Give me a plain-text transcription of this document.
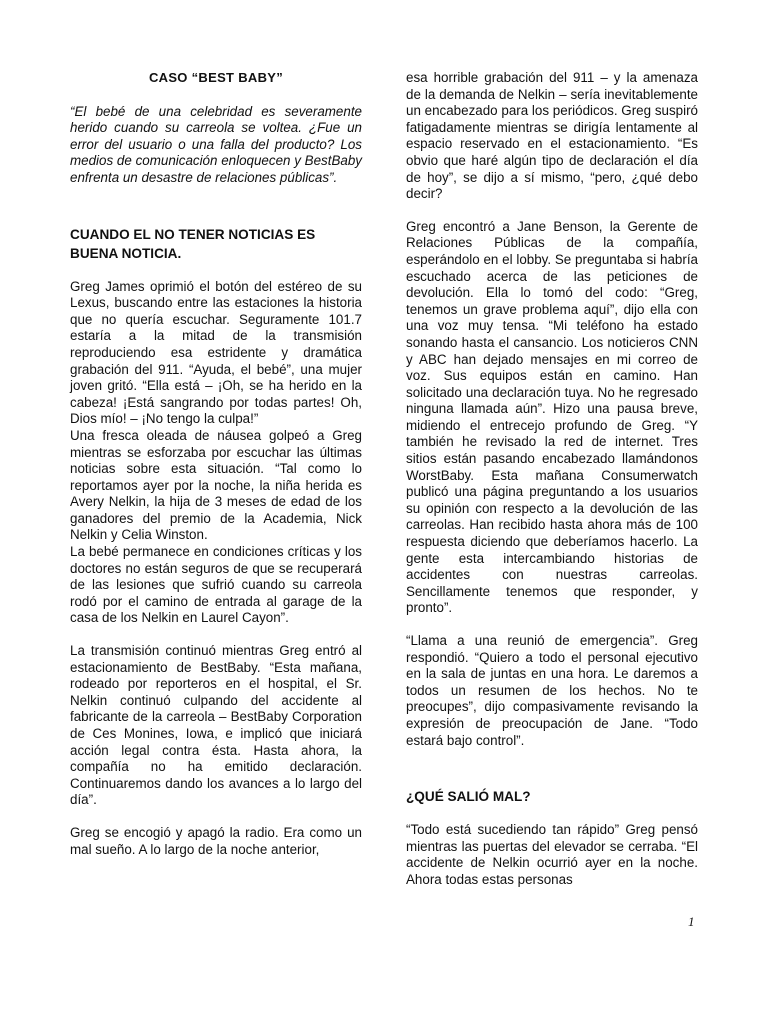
CASO “BEST BABY”

“El bebé de una celebridad es severamente herido cuando su carreola se voltea. ¿Fue un error del usuario o una falla del producto? Los medios de comunicación enloquecen y BestBaby enfrenta un desastre de relaciones públicas”.

CUANDO EL NO TENER NOTICIAS ES BUENA NOTICIA.

Greg James oprimió el botón del estéreo de su Lexus, buscando entre las estaciones la historia que no quería escuchar. Seguramente 101.7 estaría a la mitad de la transmisión reproduciendo esa estridente y dramática grabación del 911. “Ayuda, el bebé”, una mujer joven gritó. “Ella está – ¡Oh, se ha herido en la cabeza! ¡Está sangrando por todas partes! Oh, Dios mío! – ¡No tengo la culpa!”

Una fresca oleada de náusea golpeó a Greg mientras se esforzaba por escuchar las últimas noticias sobre esta situación. “Tal como lo reportamos ayer por la noche, la niña herida es Avery Nelkin, la hija de 3 meses de edad de los ganadores del premio de la Academia, Nick Nelkin y Celia Winston.

La bebé permanece en condiciones críticas y los doctores no están seguros de que se recuperará de las lesiones que sufrió cuando su carreola rodó por el camino de entrada al garage de la casa de los Nelkin en Laurel Cayon”.

La transmisión continuó mientras Greg entró al estacionamiento de BestBaby. “Esta mañana, rodeado por reporteros en el hospital, el Sr. Nelkin continuó culpando del accidente al fabricante de la carreola – BestBaby Corporation de Ces Monines, Iowa, e implicó que iniciará acción legal contra ésta. Hasta ahora, la compañía no ha emitido declaración. Continuaremos dando los avances a lo largo del día”.

Greg se encogió y apagó la radio. Era como un mal sueño. A lo largo de la noche anterior,

esa horrible grabación del 911 – y la amenaza de la demanda de Nelkin – sería inevitablemente un encabezado para los periódicos. Greg suspiró fatigadamente mientras se dirigía lentamente al espacio reservado en el estacionamiento. “Es obvio que haré algún tipo de declaración el día de hoy”, se dijo a sí mismo, “pero, ¿qué debo decir?

Greg encontró a Jane Benson, la Gerente de Relaciones Públicas de la compañía, esperándolo en el lobby. Se preguntaba si habría escuchado acerca de las peticiones de devolución. Ella lo tomó del codo: “Greg, tenemos un grave problema aquí”, dijo ella con una voz muy tensa. “Mi teléfono ha estado sonando hasta el cansancio. Los noticieros CNN y ABC han dejado mensajes en mi correo de voz. Sus equipos están en camino. Han solicitado una declaración tuya. No he regresado ninguna llamada aún”. Hizo una pausa breve, midiendo el entrecejo profundo de Greg. “Y también he revisado la red de internet. Tres sitios están pasando encabezado llamándonos WorstBaby. Esta mañana Consumerwatch publicó una página preguntando a los usuarios su opinión con respecto a la devolución de las carreolas. Han recibido hasta ahora más de 100 respuesta diciendo que deberíamos hacerlo. La gente esta intercambiando historias de accidentes con nuestras carreolas. Sencillamente tenemos que responder, y pronto”.

“Llama a una reunió de emergencia”. Greg respondió. “Quiero a todo el personal ejecutivo en la sala de juntas en una hora. Le daremos a todos un resumen de los hechos. No te preocupes”, dijo compasivamente revisando la expresión de preocupación de Jane. “Todo estará bajo control”.

¿QUÉ SALIÓ MAL?

“Todo está sucediendo tan rápido” Greg pensó mientras las puertas del elevador se cerraba. “El accidente de Nelkin ocurrió ayer en la noche. Ahora todas estas personas

1
